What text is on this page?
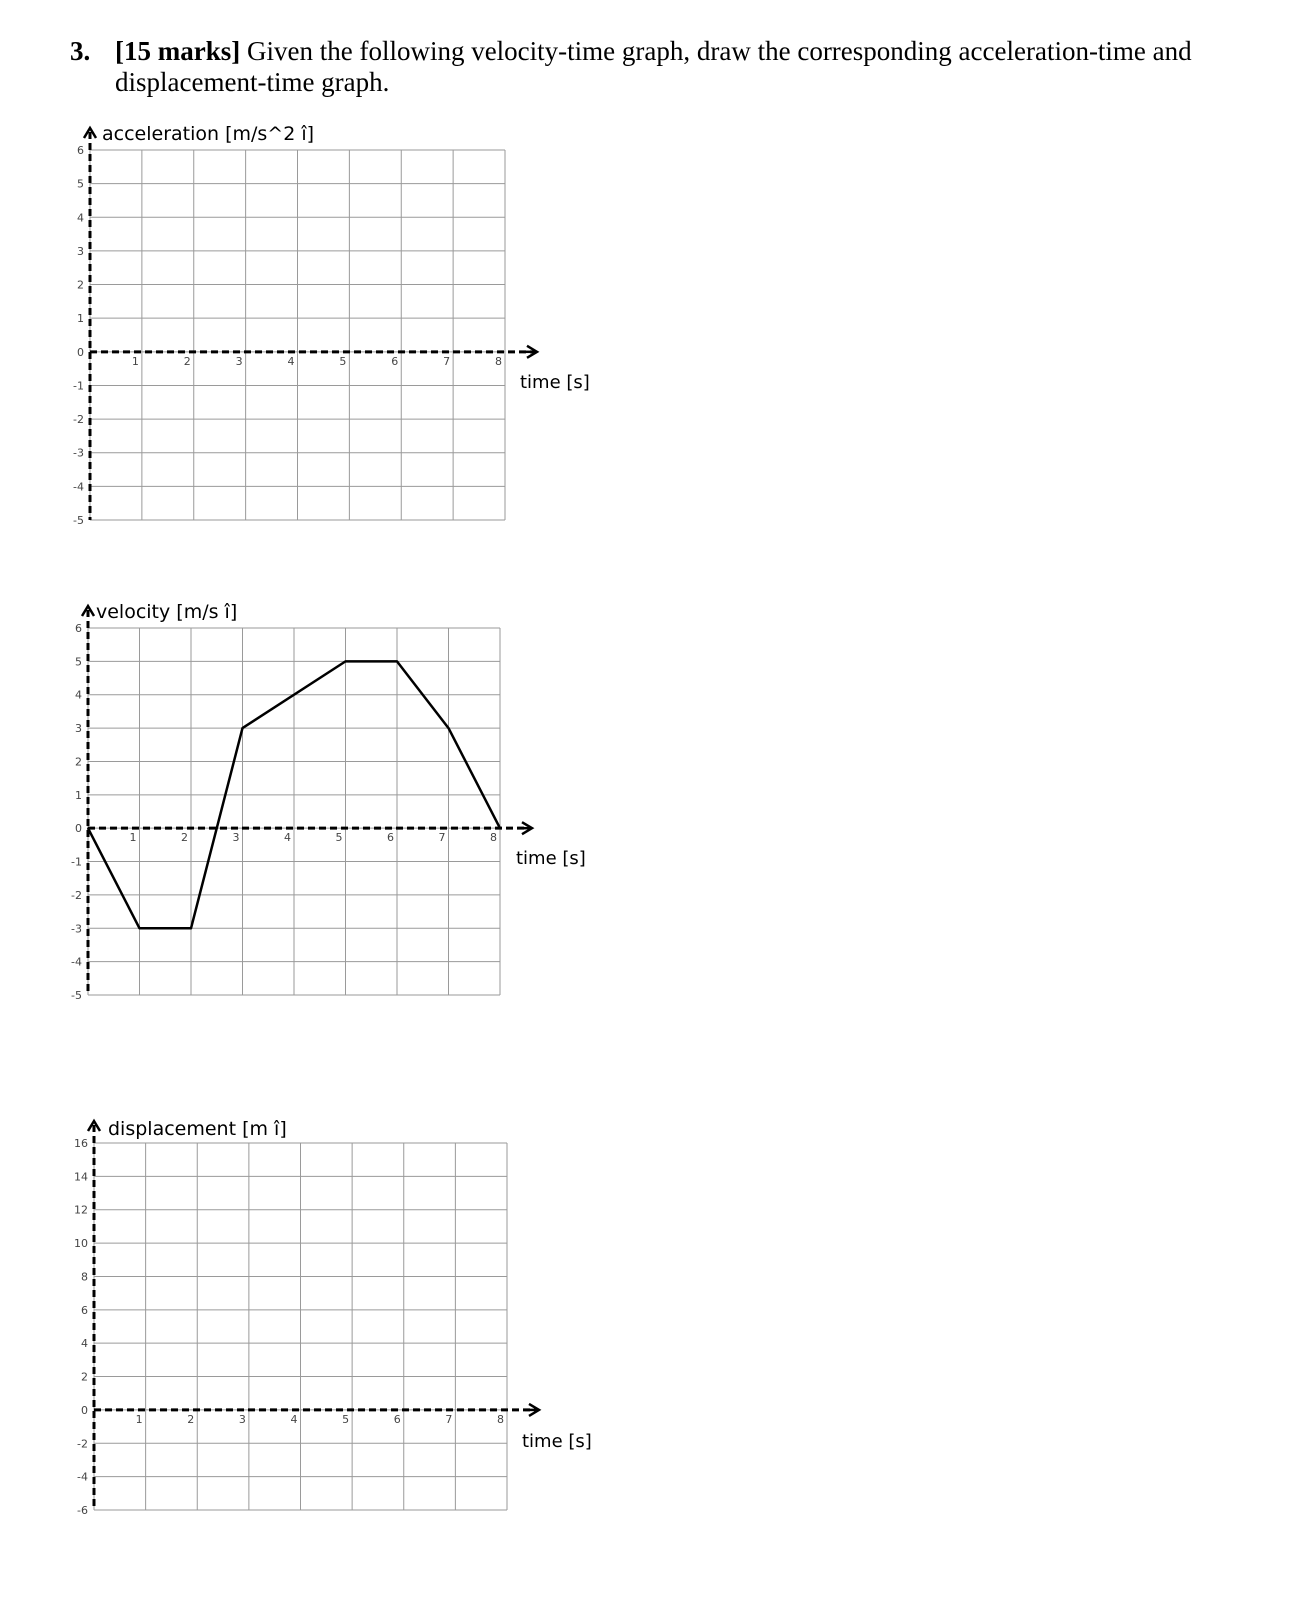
3. [15 marks] Given the following velocity-time graph, draw the corresponding acceleration-time and displacement-time graph.
6
5
4
3
2
1
0
-1
-2
-3
-4
-5
1	2	3	4	5	6	7	8
acceleration [m/s^2 î]
time [s]
6
5
4
3
2
1
0
-1
-2
-3
-4
-5
1	2	3	4	5	6	7	8
velocity [m/s î]
time [s]
16
14
12
10
8
6
4
2
0
-2
-4
-6
1	2	3	4	5	6	7	8
displacement [m î]
time [s]
